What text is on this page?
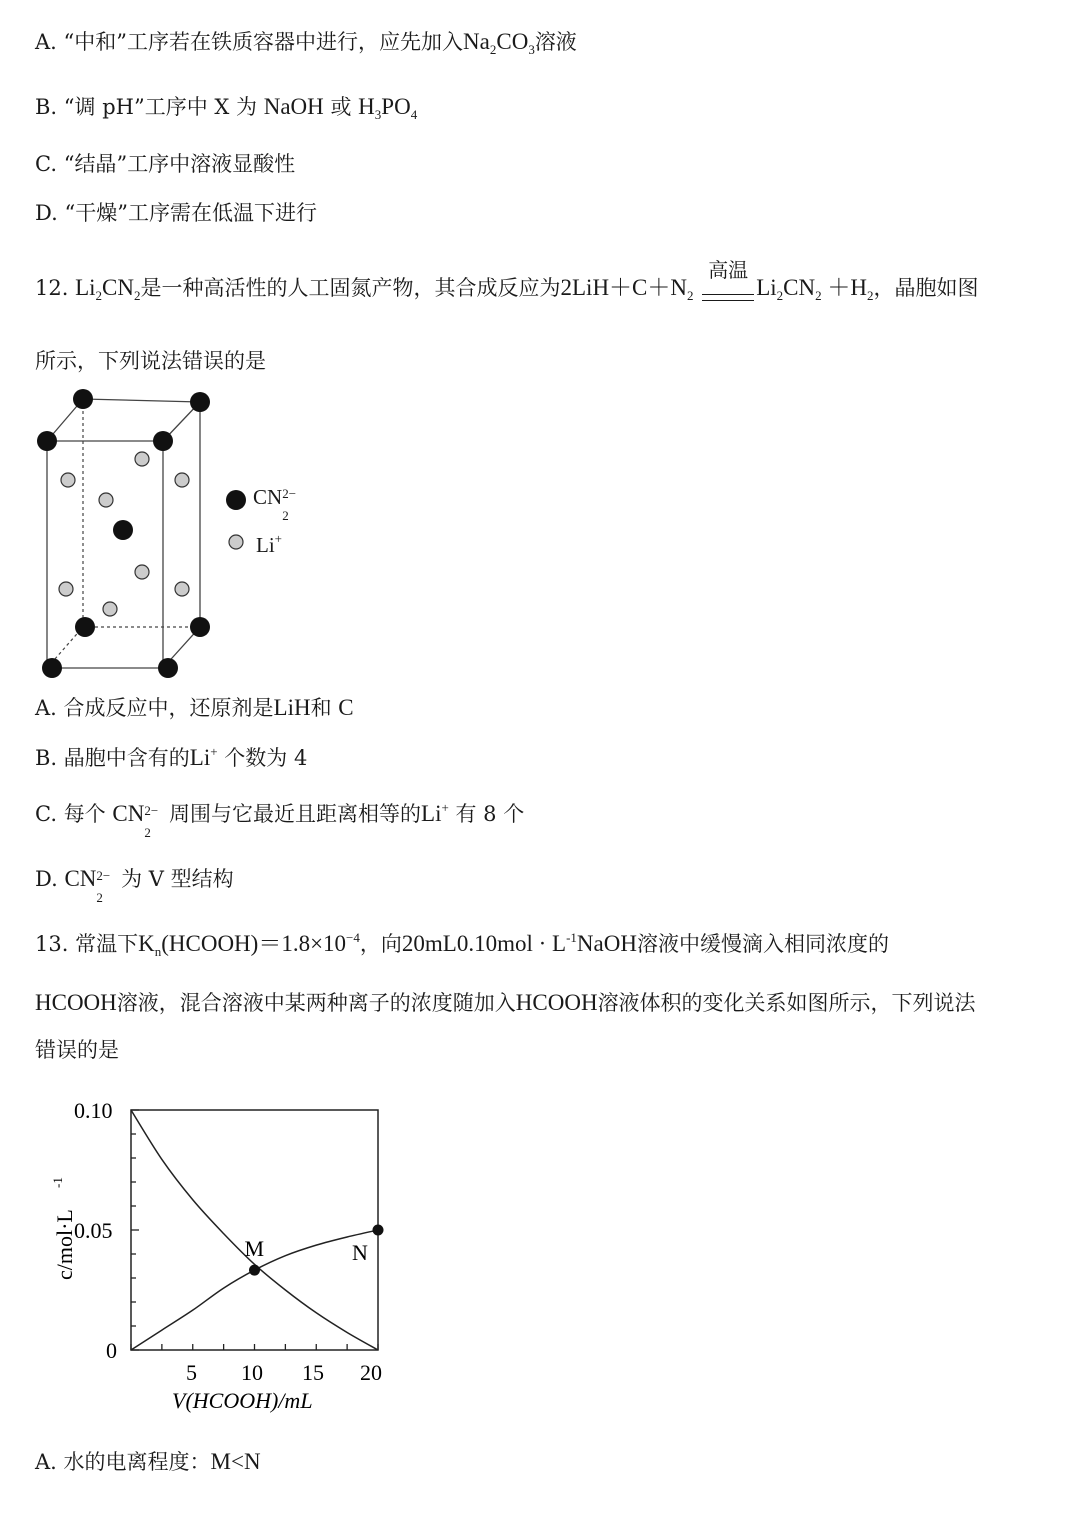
A. “中和”工序若在铁质容器中进行，应先加入$Na_2CO_3$溶液
B. “调 pH”工序中 X 为 NaOH 或 $H_3PO_4$
C. “结晶”工序中溶液显酸性
D. “干燥”工序需在低温下进行
12. $Li_2CN_2$是一种高活性的人工固氮产物，其合成反应为$2LiH+C+N_2$
高温
$Li_2CN_2 +H_2$，晶胞如图
所示，下列说法错误的是
CN 2−
2
Li+
A. 合成反应中，还原剂是LiH和 C
B. 晶胞中含有的Li+ 个数为 4
C. 每个 CN 2−
2
周围与它最近且距离相等的Li+ 有 8 个
D. CN 2−
2
为 V 型结构
13. 常温下$K_n(HCOOH)=1.8\times 10^{-4}$，向$20mL0.10mol \cdot L^{-1}NaOH$溶液中缓慢滴入相同浓度的
HCOOH溶液，混合溶液中某两种离子的浓度随加入HCOOH溶液体积的变化关系如图所示，下列说法
错误的是
0.10
0.05
0
5 10 15 20
V(HCOOH)/mL
c/mol·L
-1
M	N
A. 水的电离程度：M<N
